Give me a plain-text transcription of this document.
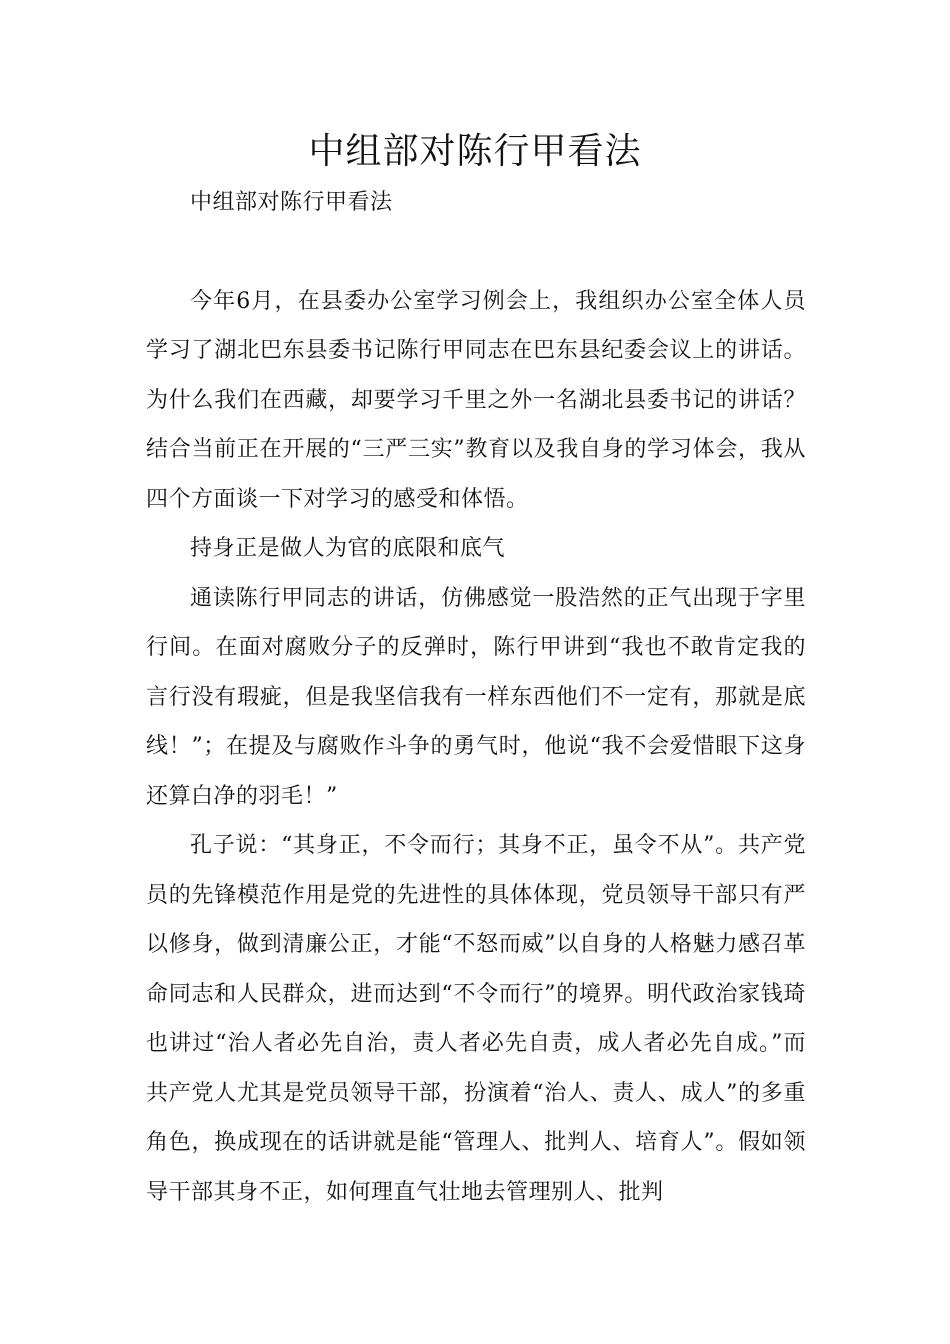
中组部对陈行甲看法

中组部对陈行甲看法

今年6月，在县委办公室学习例会上，我组织办公室全体人员学习了湖北巴东县委书记陈行甲同志在巴东县纪委会议上的讲话。为什么我们在西藏，却要学习千里之外一名湖北县委书记的讲话？结合当前正在开展的“三严三实”教育以及我自身的学习体会，我从四个方面谈一下对学习的感受和体悟。

持身正是做人为官的底限和底气

通读陈行甲同志的讲话，仿佛感觉一股浩然的正气出现于字里行间。在面对腐败分子的反弹时，陈行甲讲到“我也不敢肯定我的言行没有瑕疵，但是我坚信我有一样东西他们不一定有，那就是底线！”；在提及与腐败作斗争的勇气时，他说“我不会爱惜眼下这身还算白净的羽毛！”

孔子说：“其身正，不令而行；其身不正，虽令不从”。共产党员的先锋模范作用是党的先进性的具体体现，党员领导干部只有严以修身，做到清廉公正，才能“不怒而威”以自身的人格魅力感召革命同志和人民群众，进而达到“不令而行”的境界。明代政治家钱琦也讲过“治人者必先自治，责人者必先自责，成人者必先自成。”而共产党人尤其是党员领导干部，扮演着“治人、责人、成人”的多重角色，换成现在的话讲就是能“管理人、批判人、培育人”。假如领导干部其身不正，如何理直气壮地去管理别人、批判
